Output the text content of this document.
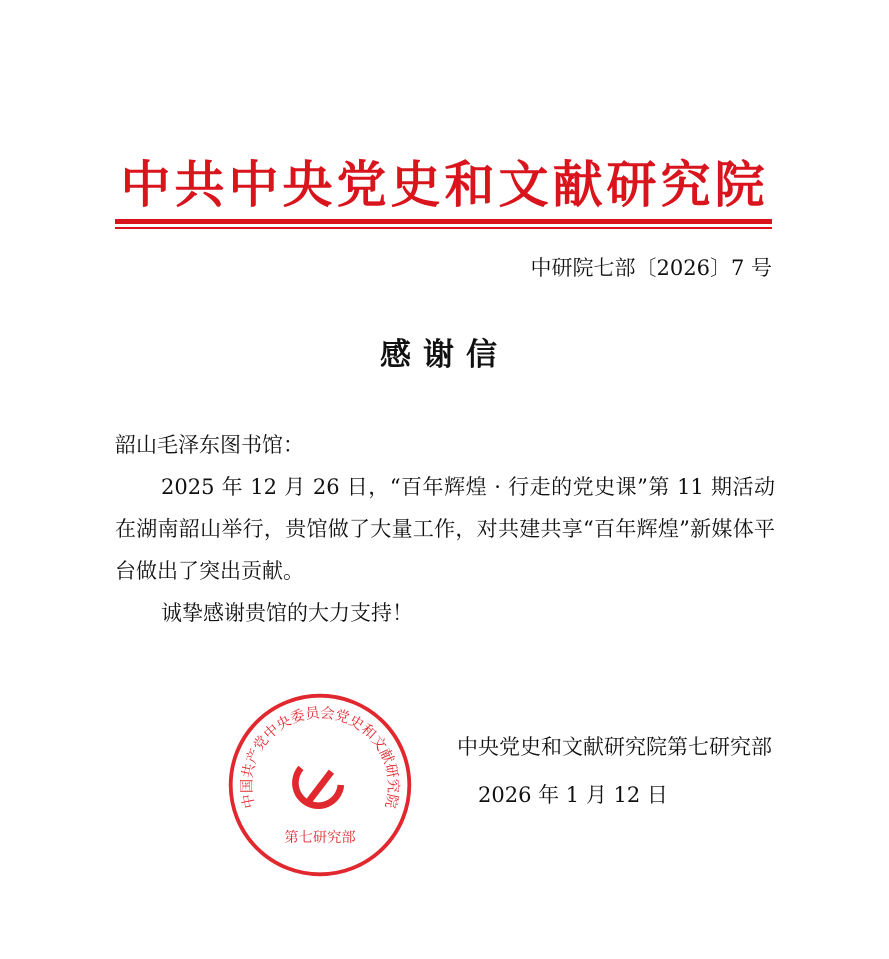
中共中央党史和文献研究院
中研院七部〔2026〕7 号
感谢信
韶山毛泽东图书馆：
2025 年 12 月 26 日，“百年辉煌 · 行走的党史课”第 11 期活动在湖南韶山举行，贵馆做了大量工作，对共建共享“百年辉煌”新媒体平台做出了突出贡献。
诚挚感谢贵馆的大力支持！
中国共产党中央委员会党史和文献研究院
第七研究部
中央党史和文献研究院第七研究部
2026 年 1 月 12 日
